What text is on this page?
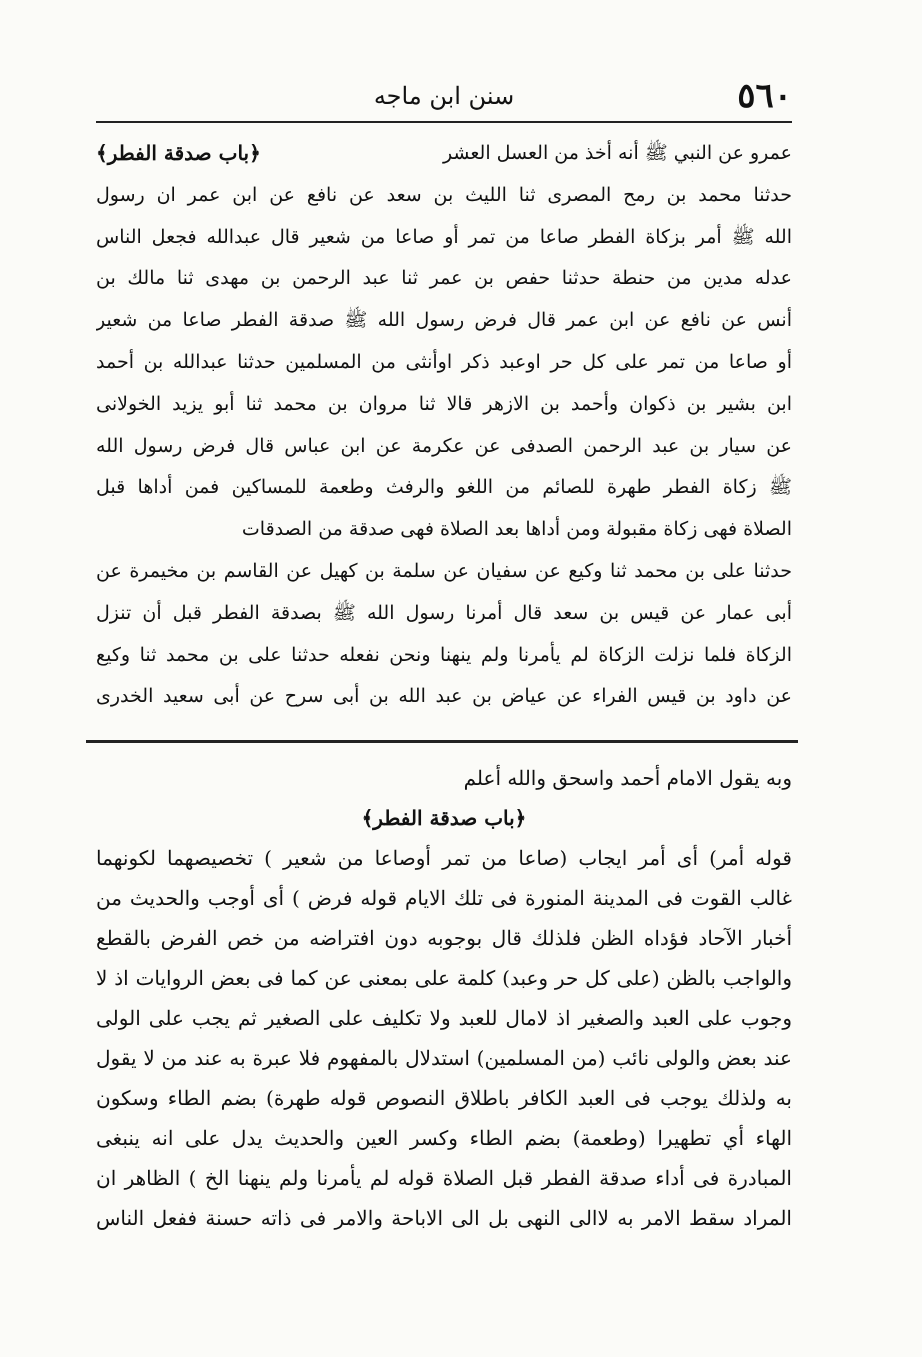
٥٦٠
سنن ابن ماجه
عمرو عن النبي ﷺ أنه أخذ من العسل العشر
﴿باب صدقة الفطر﴾
حدثنا محمد بن رمح المصرى ثنا الليث بن سعد عن نافع عن ابن عمر ان رسول
الله ﷺ أمر بزكاة الفطر صاعا من تمر أو صاعا من شعير قال عبدالله فجعل الناس
عدله مدين من حنطة حدثنا حفص بن عمر ثنا عبد الرحمن بن مهدى ثنا مالك بن
أنس عن نافع عن ابن عمر قال فرض رسول الله ﷺ صدقة الفطر صاعا من شعير
أو صاعا من تمر على كل حر اوعبد ذكر اوأنثى من المسلمين حدثنا عبدالله بن أحمد
ابن بشير بن ذكوان وأحمد بن الازهر قالا ثنا مروان بن محمد ثنا أبو يزيد الخولانى
عن سيار بن عبد الرحمن الصدفى عن عكرمة عن ابن عباس قال فرض رسول الله
ﷺ زكاة الفطر طهرة للصائم من اللغو والرفث وطعمة للمساكين فمن أداها قبل
الصلاة فهى زكاة مقبولة ومن أداها بعد الصلاة فهى صدقة من الصدقات
حدثنا على بن محمد ثنا وكيع عن سفيان عن سلمة بن كهيل عن القاسم بن مخيمرة عن
أبى عمار عن قيس بن سعد قال أمرنا رسول الله ﷺ بصدقة الفطر قبل أن تنزل
الزكاة فلما نزلت الزكاة لم يأمرنا ولم ينهنا ونحن نفعله حدثنا على بن محمد ثنا وكيع
عن داود بن قيس الفراء عن عياض بن عبد الله بن أبى سرح عن أبى سعيد الخدرى
وبه يقول الامام أحمد واسحق والله أعلم
﴿باب صدقة الفطر﴾
قوله أمر) أى أمر ايجاب (صاعا من تمر أوصاعا من شعير ) تخصيصهما لكونهما
غالب القوت فى المدينة المنورة فى تلك الايام قوله فرض ) أى أوجب والحديث من
أخبار الآحاد فؤداه الظن فلذلك قال بوجوبه دون افتراضه من خص الفرض بالقطع
والواجب بالظن (على كل حر وعبد) كلمة على بمعنى عن كما فى بعض الروايات اذ لا
وجوب على العبد والصغير اذ لامال للعبد ولا تكليف على الصغير ثم يجب على الولى
عند بعض والولى نائب (من المسلمين) استدلال بالمفهوم فلا عبرة به عند من لا يقول
به ولذلك يوجب فى العبد الكافر باطلاق النصوص قوله طهرة) بضم الطاء وسكون
الهاء أي تطهيرا (وطعمة) بضم الطاء وكسر العين والحديث يدل على انه ينبغى
المبادرة فى أداء صدقة الفطر قبل الصلاة قوله لم يأمرنا ولم ينهنا الخ ) الظاهر ان
المراد سقط الامر به لاالى النهى بل الى الاباحة والامر فى ذاته حسنة ففعل الناس
